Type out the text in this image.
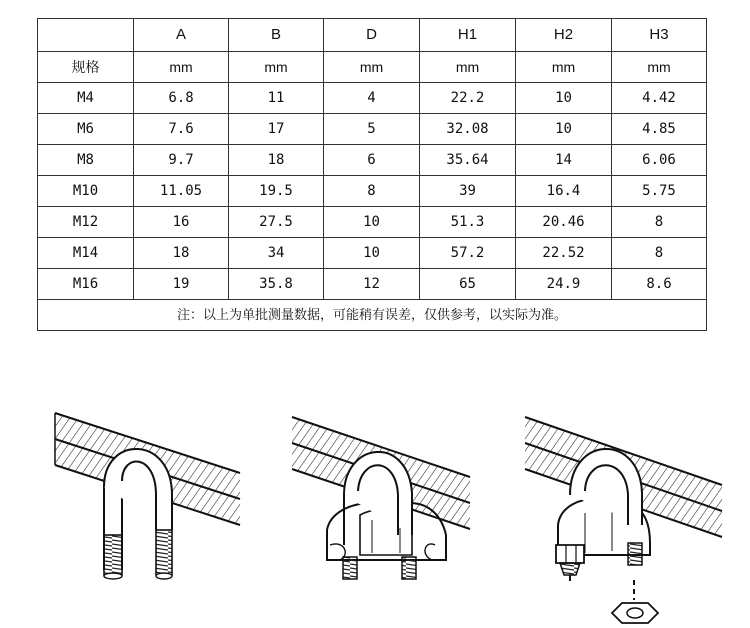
	A	B	D	H1	H2	H3
规格	mm	mm	mm	mm	mm	mm
M4	6.8	11	4	22.2	10	4.42
M6	7.6	17	5	32.08	10	4.85
M8	9.7	18	6	35.64	14	6.06
M10	11.05	19.5	8	39	16.4	5.75
M12	16	27.5	10	51.3	20.46	8
M14	18	34	10	57.2	22.52	8
M16	19	35.8	12	65	24.9	8.6
注：以上为单批测量数据，可能稍有误差，仅供参考，以实际为准。						
